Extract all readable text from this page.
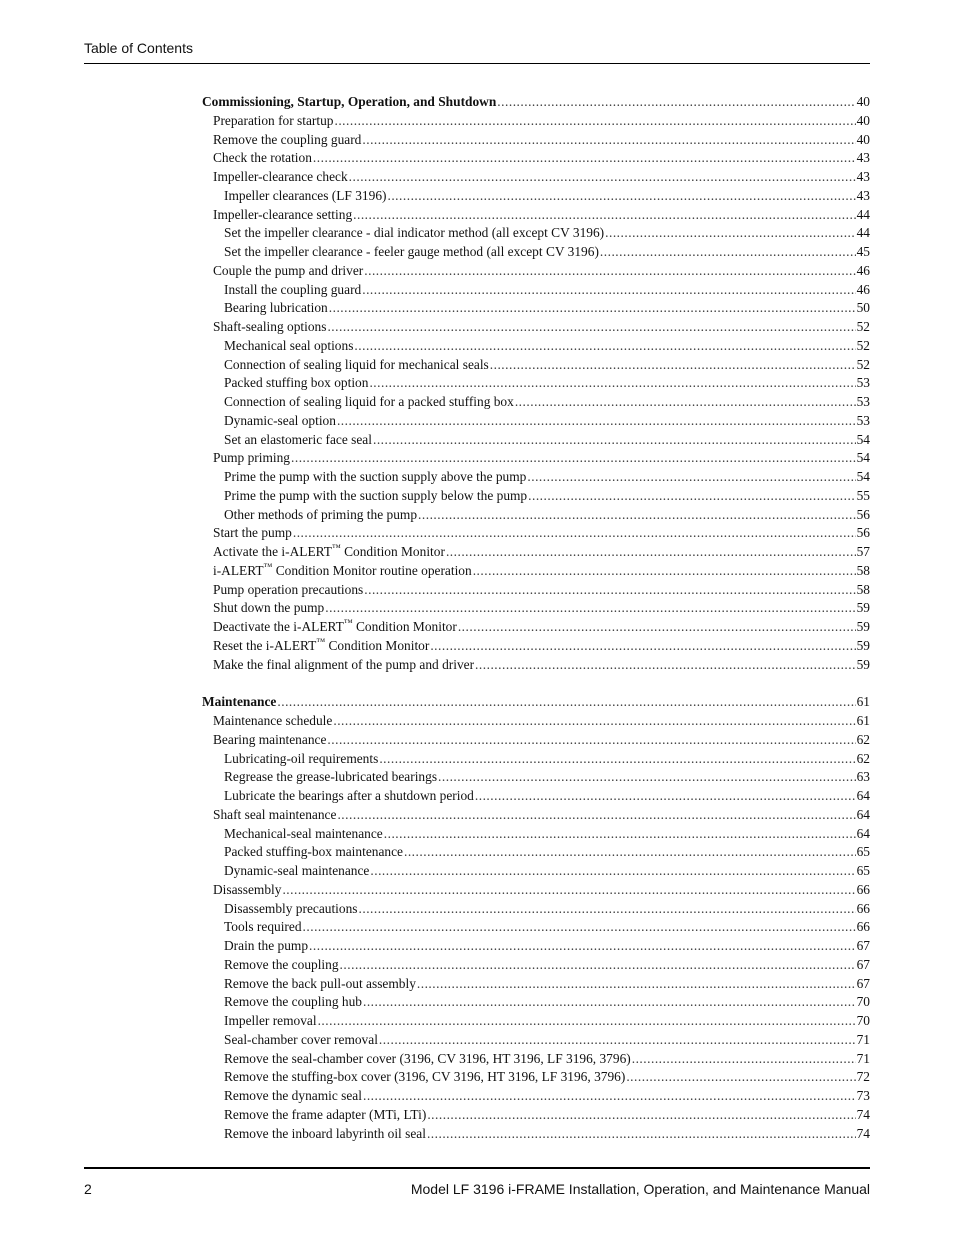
Table of Contents
Commissioning, Startup, Operation, and Shutdown .....	40
Preparation for startup .....	40
Remove the coupling guard .....	40
Check the rotation .....	43
Impeller-clearance check .....	43
Impeller clearances (LF 3196) .....	43
Impeller-clearance setting .....	44
Set the impeller clearance - dial indicator method (all except CV 3196) .....	44
Set the impeller clearance - feeler gauge method (all except CV 3196) .....	45
Couple the pump and driver .....	46
Install the coupling guard .....	46
Bearing lubrication .....	50
Shaft-sealing options .....	52
Mechanical seal options .....	52
Connection of sealing liquid for mechanical seals .....	52
Packed stuffing box option .....	53
Connection of sealing liquid for a packed stuffing box .....	53
Dynamic-seal option .....	53
Set an elastomeric face seal .....	54
Pump priming .....	54
Prime the pump with the suction supply above the pump .....	54
Prime the pump with the suction supply below the pump .....	55
Other methods of priming the pump .....	56
Start the pump .....	56
Activate the i-ALERT™ Condition Monitor .....	57
i-ALERT™ Condition Monitor routine operation .....	58
Pump operation precautions .....	58
Shut down the pump .....	59
Deactivate the i-ALERT™ Condition Monitor .....	59
Reset the i-ALERT™ Condition Monitor .....	59
Make the final alignment of the pump and driver .....	59
Maintenance .....	61
Maintenance schedule .....	61
Bearing maintenance .....	62
Lubricating-oil requirements .....	62
Regrease the grease-lubricated bearings .....	63
Lubricate the bearings after a shutdown period .....	64
Shaft seal maintenance .....	64
Mechanical-seal maintenance .....	64
Packed stuffing-box maintenance .....	65
Dynamic-seal maintenance .....	65
Disassembly .....	66
Disassembly precautions .....	66
Tools required .....	66
Drain the pump .....	67
Remove the coupling .....	67
Remove the back pull-out assembly .....	67
Remove the coupling hub .....	70
Impeller removal .....	70
Seal-chamber cover removal .....	71
Remove the seal-chamber cover (3196, CV 3196, HT 3196, LF 3196, 3796) .....	71
Remove the stuffing-box cover (3196, CV 3196, HT 3196, LF 3196, 3796) .....	72
Remove the dynamic seal .....	73
Remove the frame adapter (MTi, LTi) .....	74
Remove the inboard labyrinth oil seal .....	74
2	Model LF 3196 i-FRAME Installation, Operation, and Maintenance Manual
